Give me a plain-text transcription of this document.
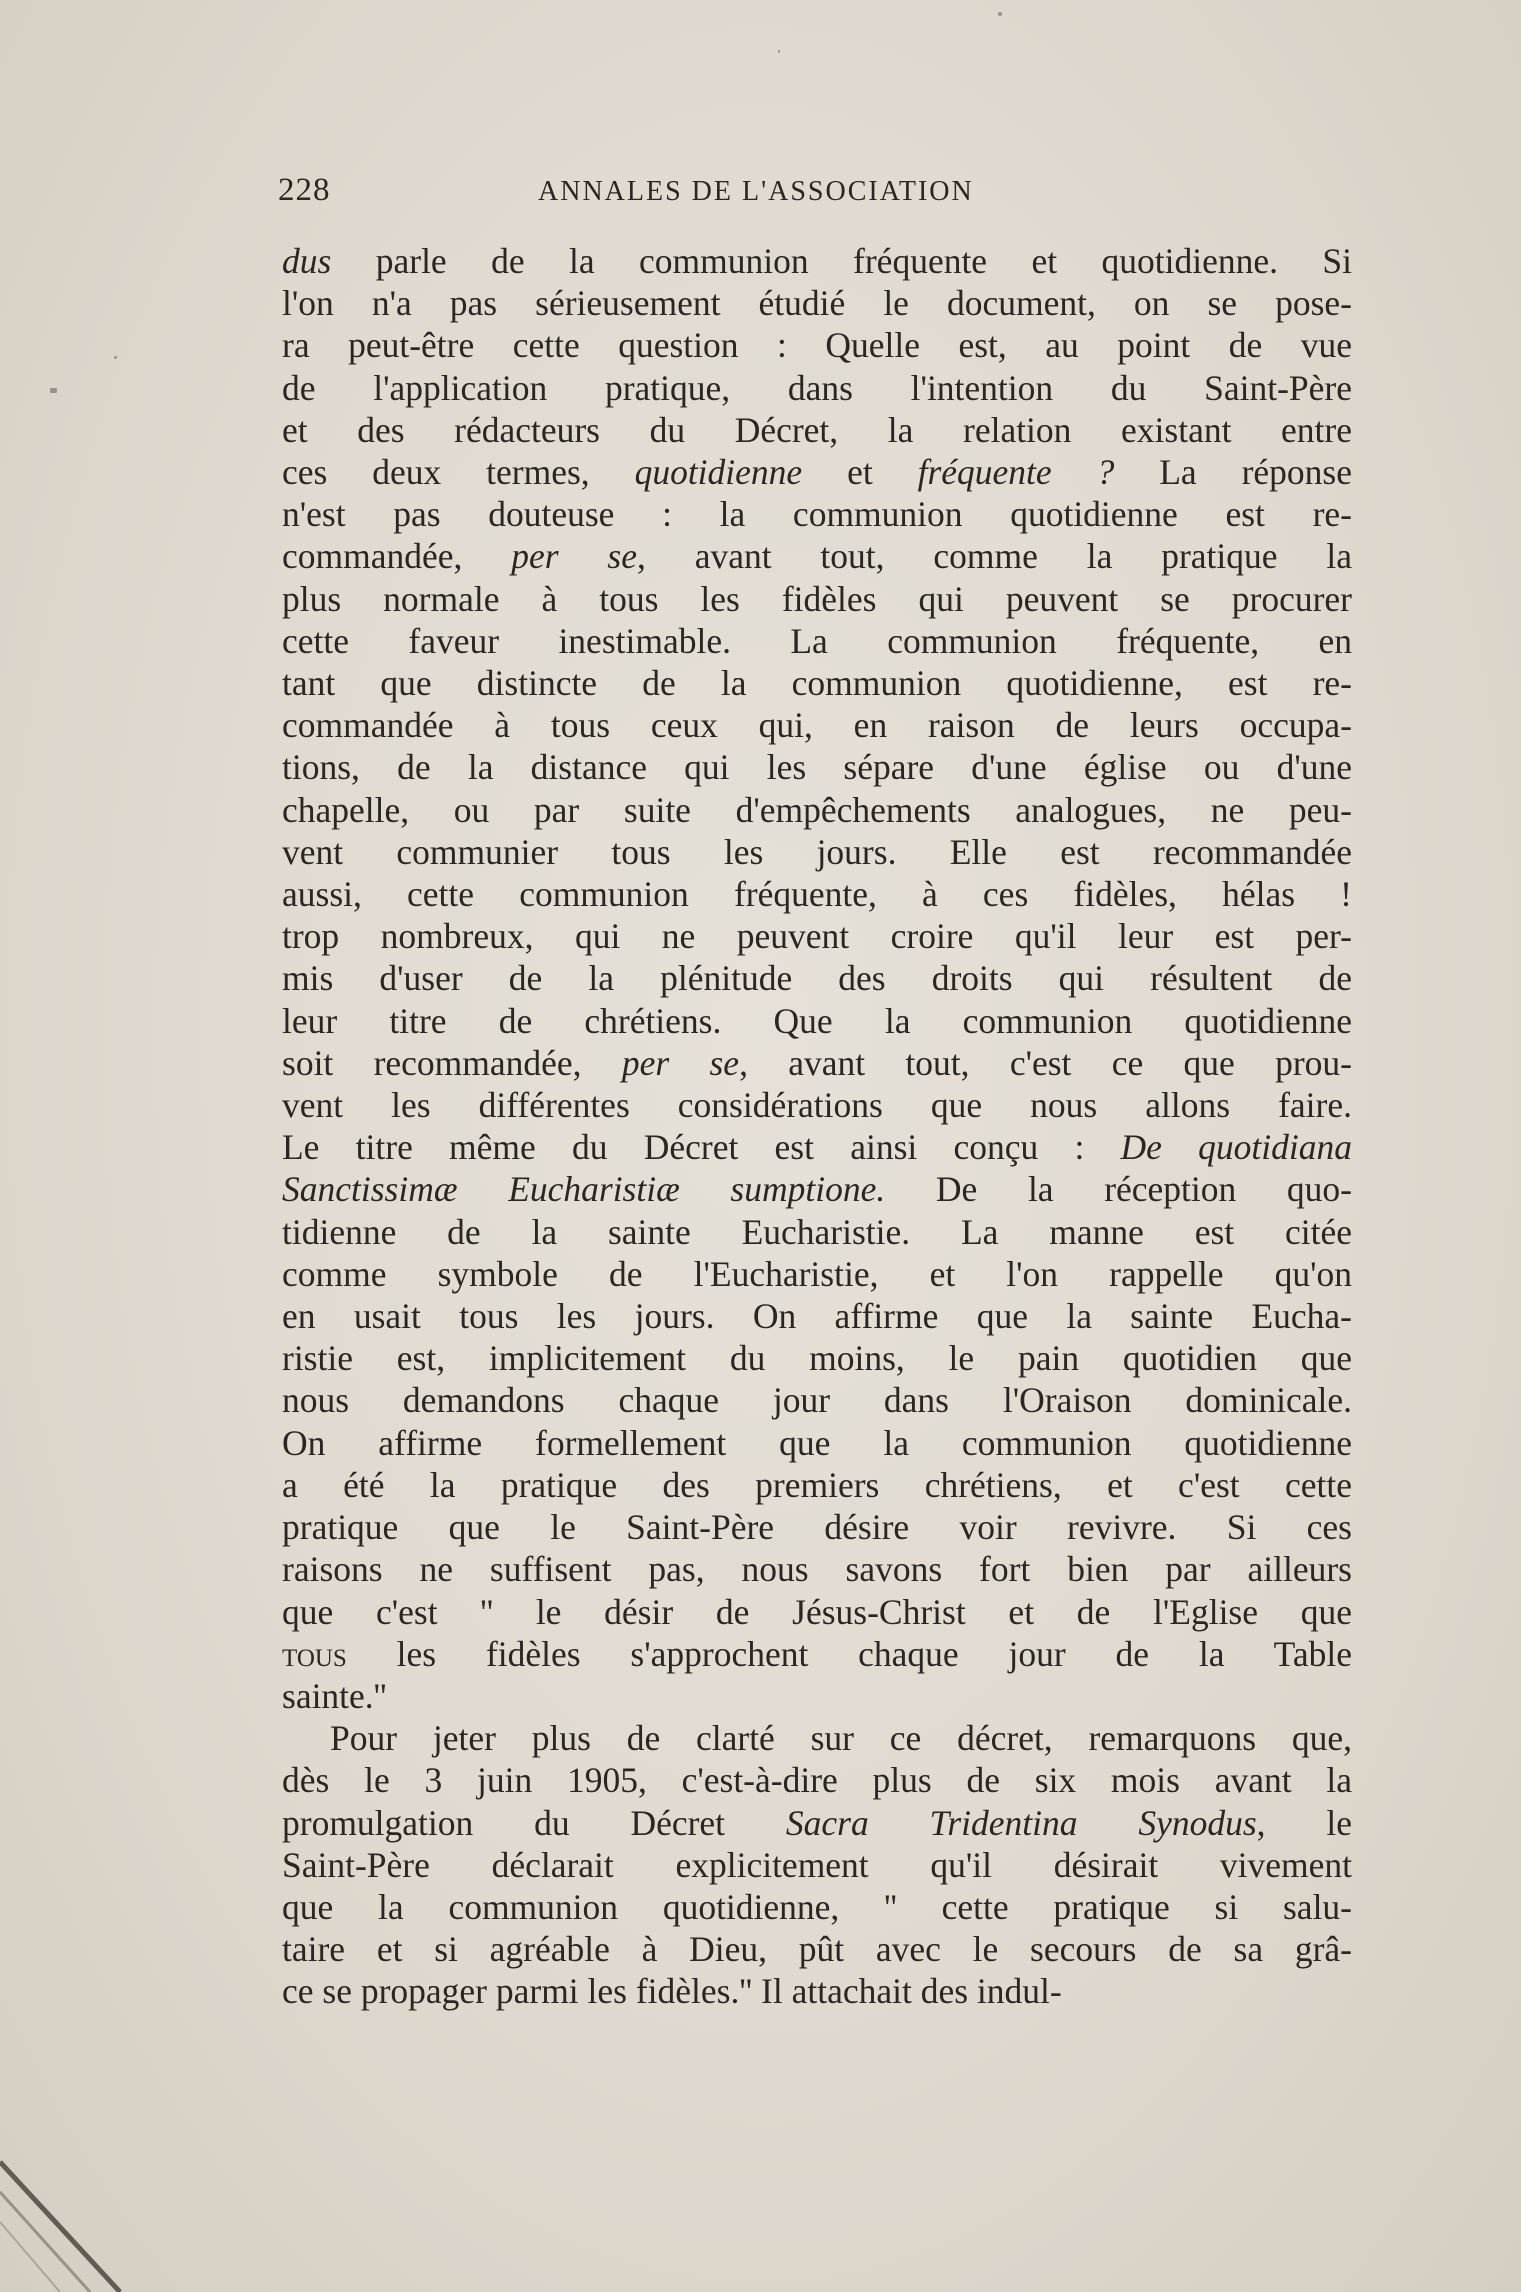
228	ANNALES DE L'ASSOCIATION
dus parle de la communion fréquente et quotidienne. Si
l'on n'a pas sérieusement étudié le document, on se pose-
ra peut-être cette question : Quelle est, au point de vue
de l'application pratique, dans l'intention du Saint-Père
et des rédacteurs du Décret, la relation existant entre
ces deux termes, quotidienne et fréquente ? La réponse
n'est pas douteuse : la communion quotidienne est re-
commandée, per se, avant tout, comme la pratique la
plus normale à tous les fidèles qui peuvent se procurer
cette faveur inestimable. La communion fréquente, en
tant que distincte de la communion quotidienne, est re-
commandée à tous ceux qui, en raison de leurs occupa-
tions, de la distance qui les sépare d'une église ou d'une
chapelle, ou par suite d'empêchements analogues, ne peu-
vent communier tous les jours. Elle est recommandée
aussi, cette communion fréquente, à ces fidèles, hélas !
trop nombreux, qui ne peuvent croire qu'il leur est per-
mis d'user de la plénitude des droits qui résultent de
leur titre de chrétiens. Que la communion quotidienne
soit recommandée, per se, avant tout, c'est ce que prou-
vent les différentes considérations que nous allons faire.
Le titre même du Décret est ainsi conçu : De quotidiana
Sanctissimæ Eucharistiæ sumptione. De la réception quo-
tidienne de la sainte Eucharistie. La manne est citée
comme symbole de l'Eucharistie, et l'on rappelle qu'on
en usait tous les jours. On affirme que la sainte Eucha-
ristie est, implicitement du moins, le pain quotidien que
nous demandons chaque jour dans l'Oraison dominicale.
On affirme formellement que la communion quotidienne
a été la pratique des premiers chrétiens, et c'est cette
pratique que le Saint-Père désire voir revivre. Si ces
raisons ne suffisent pas, nous savons fort bien par ailleurs
que c'est '' le désir de Jésus-Christ et de l'Eglise que
tous les fidèles s'approchent chaque jour de la Table
sainte.''
Pour jeter plus de clarté sur ce décret, remarquons que,
dès le 3 juin 1905, c'est-à-dire plus de six mois avant la
promulgation du Décret Sacra Tridentina Synodus, le
Saint-Père déclarait explicitement qu'il désirait vivement
que la communion quotidienne, '' cette pratique si salu-
taire et si agréable à Dieu, pût avec le secours de sa grâ-
ce se propager parmi les fidèles.'' Il attachait des indul-
